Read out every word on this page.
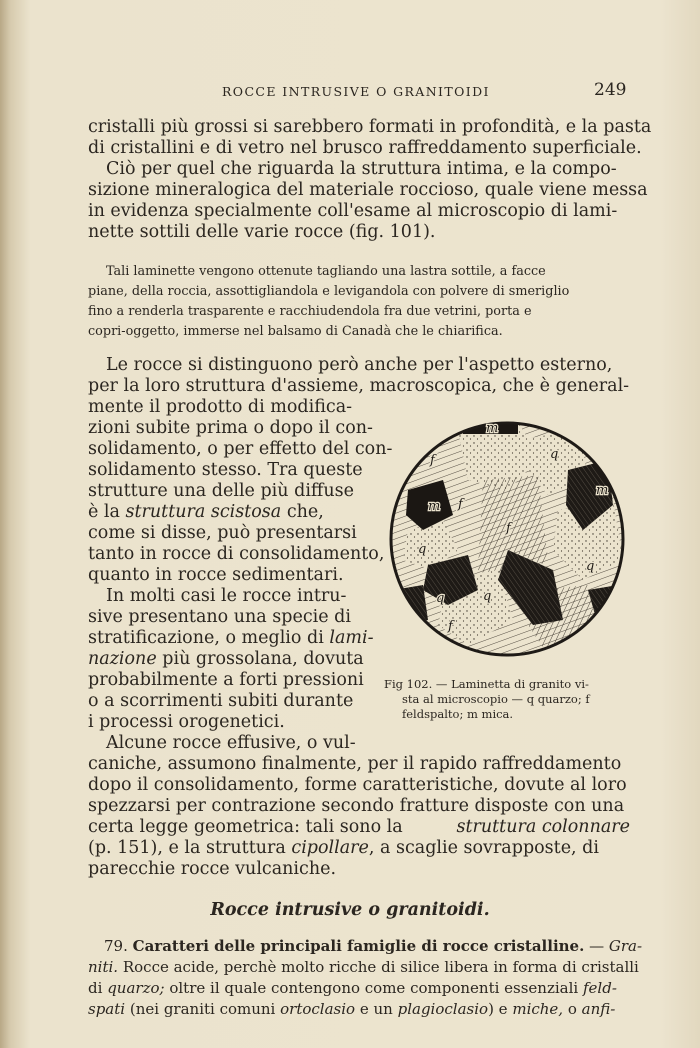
ROCCE INTRUSIVE O GRANITOIDI	249
cristalli più grossi si sarebbero formati in profondità, e la pasta
di cristallini e di vetro nel brusco raffreddamento superficiale.
Ciò per quel che riguarda la struttura intima, e la compo-
sizione mineralogica del materiale roccioso, quale viene messa
in evidenza specialmente coll'esame al microscopio di lami-
nette sottili delle varie rocce (fig. 101).
Tali laminette vengono ottenute tagliando una lastra sottile, a facce
piane, della roccia, assottigliandola e levigandola con polvere di smeriglio
fino a renderla trasparente e racchiudendola fra due vetrini, porta e
copri-oggetto, immerse nel balsamo di Canadà che le chiarifica.
Le rocce si distinguono però anche per l'aspetto esterno,
per la loro struttura d'assieme, macroscopica, che è general-
mente il prodotto di modifica-
zioni subite prima o dopo il con-
solidamento, o per effetto del con-
solidamento stesso. Tra queste
strutture una delle più diffuse
è la struttura scistosa che,
come si disse, può presentarsi
tanto in rocce di consolidamento,
quanto in rocce sedimentari.
In molti casi le rocce intru-
sive presentano una specie di
stratificazione, o meglio di lami-
nazione più grossolana, dovuta
probabilmente a forti pressioni
o a scorrimenti subiti durante
i processi orogenetici.
Alcune rocce effusive, o vul-
caniche, assumono finalmente, per il rapido raffreddamento
dopo il consolidamento, forme caratteristiche, dovute al loro
spezzarsi per contrazione secondo fratture disposte con una
certa legge geometrica: tali sono la	struttura colonnare
(p. 151), e la struttura cipollare, a scaglie sovrapposte, di
parecchie rocce vulcaniche.
m
f	q
m f
f
q
m
q
q
q
f
Fig 102. — Laminetta di granito vi-
sta al microscopio — q quarzo; f
feldspalto; m mica.
Rocce intrusive o granitoidi.
79. Caratteri delle principali famiglie di rocce cristalline. — Gra-
niti. Rocce acide, perchè molto ricche di silice libera in forma di cristalli
di quarzo; oltre il quale contengono come componenti essenziali feld-
spati (nei graniti comuni ortoclasio e un plagioclasio) e miche, o anfi-
